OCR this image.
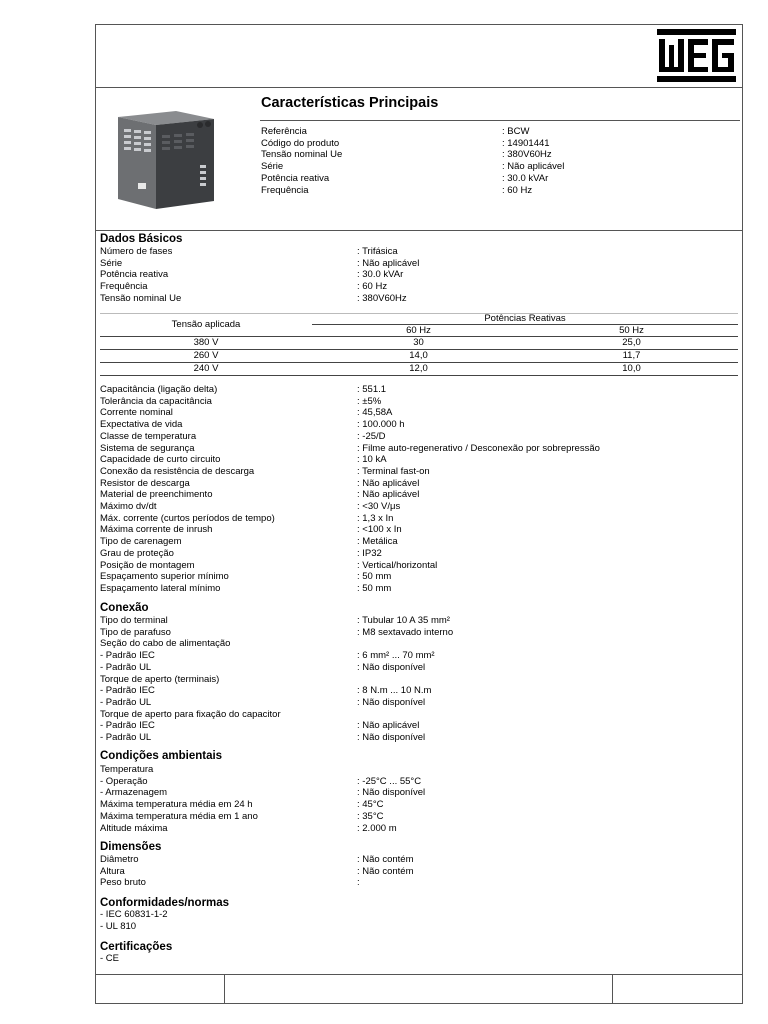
Características Principais
Referência	: BCW
Código do produto	: 14901441
Tensão nominal Ue	: 380V60Hz
Série	: Não aplicável
Potência reativa	: 30.0 kVAr
Frequência	: 60 Hz
Dados Básicos
Número de fases	: Trifásica
Série	: Não aplicável
Potência reativa	: 30.0 kVAr
Frequência	: 60 Hz
Tensão nominal Ue	: 380V60Hz
Tensão aplicada
Potências Reativas
60 Hz	50 Hz
380 V	30	25,0
260 V	14,0	11,7
240 V	12,0	10,0
Capacitância (ligação delta)	: 551.1
Tolerância da capacitância	: ±5%
Corrente nominal	: 45,58A
Expectativa de vida	: 100.000 h
Classe de temperatura	: -25/D
Sistema de segurança	: Filme auto-regenerativo / Desconexão por sobrepressão
Capacidade de curto circuito	: 10 kA
Conexão da resistência de descarga	: Terminal fast-on
Resistor de descarga	: Não aplicável
Material de preenchimento	: Não aplicável
Máximo dv/dt	: <30 V/μs
Máx. corrente (curtos períodos de tempo)	: 1,3 x In
Máxima corrente de inrush	: <100 x In
Tipo de carenagem	: Metálica
Grau de proteção	: IP32
Posição de montagem	: Vertical/horizontal
Espaçamento superior mínimo	: 50 mm
Espaçamento lateral mínimo	: 50 mm
Conexão
Tipo do terminal	: Tubular 10 A 35 mm²
Tipo de parafuso	: M8 sextavado interno
Seção do cabo de alimentação
- Padrão IEC	: 6 mm² ... 70 mm²
- Padrão UL	: Não disponível
Torque de aperto (terminais)
- Padrão IEC	: 8 N.m ... 10 N.m
- Padrão UL	: Não disponível
Torque de aperto para fixação do capacitor
- Padrão IEC	: Não aplicável
- Padrão UL	: Não disponível
Condições ambientais
Temperatura
- Operação	: -25°C ... 55°C
- Armazenagem	: Não disponível
Máxima temperatura média em 24 h	: 45°C
Máxima temperatura média em 1 ano	: 35°C
Altitude máxima	: 2.000 m
Dimensões
Diâmetro	: Não contém
Altura	: Não contém
Peso bruto	:
Conformidades/normas
- IEC 60831-1-2
- UL 810
Certificações
- CE
